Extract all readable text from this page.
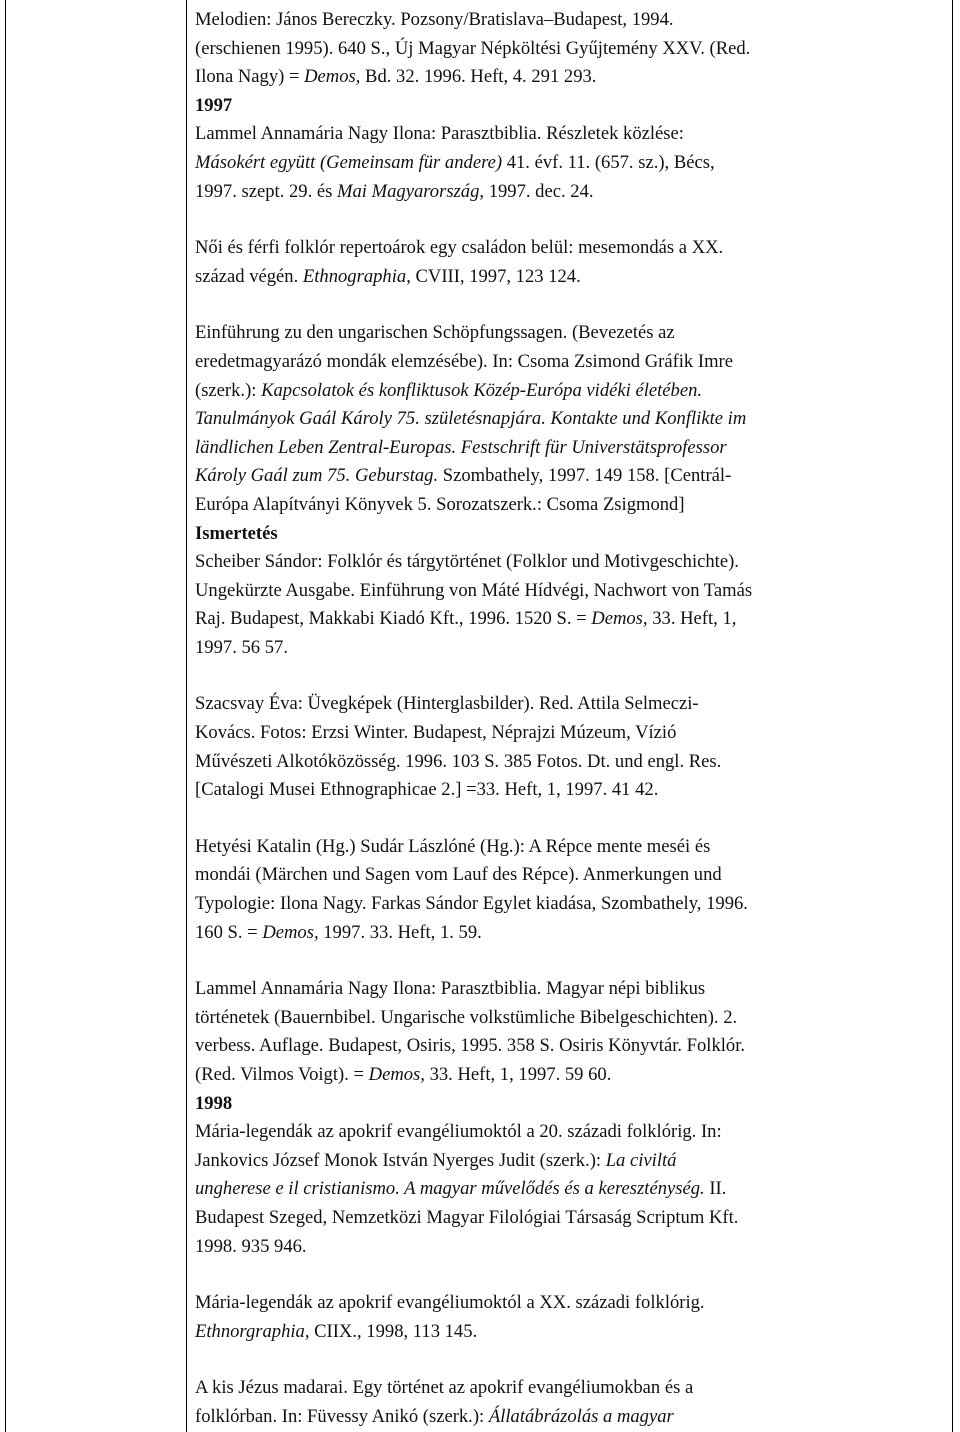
Melodien: János Bereczky. Pozsony/Bratislava–Budapest, 1994.
(erschienen 1995). 640 S., Új Magyar Népköltési Gyűjtemény XXV. (Red.
Ilona Nagy) = Demos, Bd. 32. 1996. Heft, 4. 291 293.
1997
Lammel Annamária Nagy Ilona: Parasztbiblia. Részletek közlése:
Másokért együtt (Gemeinsam für andere) 41. évf. 11. (657. sz.), Bécs,
1997. szept. 29. és Mai Magyarország, 1997. dec. 24.
Női és férfi folklór repertoárok egy családon belül: mesemondás a XX.
század végén. Ethnographia, CVIII, 1997, 123 124.
Einführung zu den ungarischen Schöpfungssagen. (Bevezetés az
eredetmagyarázó mondák elemzésébe). In: Csoma Zsimond Gráfik Imre
(szerk.): Kapcsolatok és konfliktusok Közép-Európa vidéki életében.
Tanulmányok Gaál Károly 75. születésnapjára. Kontakte und Konflikte im
ländlichen Leben Zentral-Europas. Festschrift für Universtätsprofessor
Károly Gaál zum 75. Geburstag. Szombathely, 1997. 149 158. [Centrál-
Európa Alapítványi Könyvek 5. Sorozatszerk.: Csoma Zsigmond]
Ismertetés
Scheiber Sándor: Folklór és tárgytörténet (Folklor und Motivgeschichte).
Ungekürzte Ausgabe. Einführung von Máté Hídvégi, Nachwort von Tamás
Raj. Budapest, Makkabi Kiadó Kft., 1996. 1520 S. = Demos, 33. Heft, 1,
1997. 56 57.
Szacsvay Éva: Üvegképek (Hinterglasbilder). Red. Attila Selmeczi-
Kovács. Fotos: Erzsi Winter. Budapest, Néprajzi Múzeum, Vízió
Művészeti Alkotóközösség. 1996. 103 S. 385 Fotos. Dt. und engl. Res.
[Catalogi Musei Ethnographicae 2.] =33. Heft, 1, 1997. 41 42.
Hetyési Katalin (Hg.) Sudár Lászlóné (Hg.): A Répce mente meséi és
mondái (Märchen und Sagen vom Lauf des Répce). Anmerkungen und
Typologie: Ilona Nagy. Farkas Sándor Egylet kiadása, Szombathely, 1996.
160 S. = Demos, 1997. 33. Heft, 1. 59.
Lammel Annamária Nagy Ilona: Parasztbiblia. Magyar népi biblikus
történetek (Bauernbibel. Ungarische volkstümliche Bibelgeschichten). 2.
verbess. Auflage. Budapest, Osiris, 1995. 358 S. Osiris Könyvtár. Folklór.
(Red. Vilmos Voigt). = Demos, 33. Heft, 1, 1997. 59 60.
1998
Mária-legendák az apokrif evangéliumoktól a 20. századi folklórig. In:
Jankovics József Monok István Nyerges Judit (szerk.): La civiltá
ungherese e il cristianismo. A magyar művelődés és a kereszténység. II.
Budapest Szeged, Nemzetközi Magyar Filológiai Társaság Scriptum Kft.
1998. 935 946.
Mária-legendák az apokrif evangéliumoktól a XX. századi folklórig.
Ethnorgraphia, CIIX., 1998, 113 145.
A kis Jézus madarai. Egy történet az apokrif evangéliumokban és a
folklórban. In: Füvessy Anikó (szerk.): Állatábrázolás a magyar
